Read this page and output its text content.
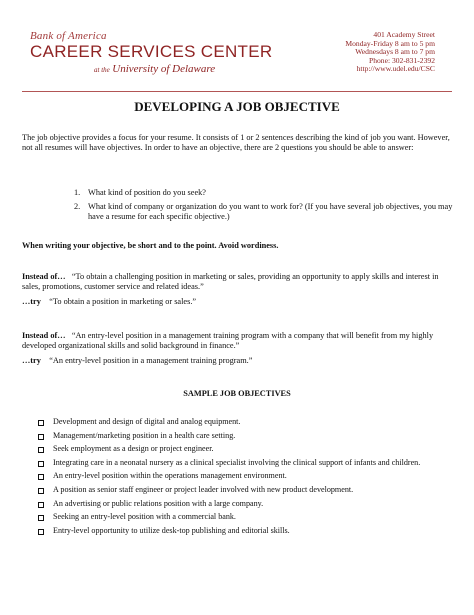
Bank of America
CAREER SERVICES CENTER
at the University of Delaware
401 Academy Street
Monday-Friday 8 am to 5 pm
Wednesdays 8 am to 7 pm
Phone: 302-831-2392
http://www.udel.edu/CSC
DEVELOPING A JOB OBJECTIVE
The job objective provides a focus for your resume. It consists of 1 or 2 sentences describing the kind of job you want. However, not all resumes will have objectives. In order to have an objective, there are 2 questions you should be able to answer:
1. What kind of position do you seek?
2. What kind of company or organization do you want to work for? (If you have several job objectives, you may have a resume for each specific objective.)
When writing your objective, be short and to the point. Avoid wordiness.
Instead of… “To obtain a challenging position in marketing or sales, providing an opportunity to apply skills and interest in sales, promotions, customer service and related ideas.”
…try “To obtain a position in marketing or sales.”
Instead of… “An entry-level position in a management training program with a company that will benefit from my highly developed organizational skills and solid background in finance.”
…try “An entry-level position in a management training program.”
SAMPLE JOB OBJECTIVES
Development and design of digital and analog equipment.
Management/marketing position in a health care setting.
Seek employment as a design or project engineer.
Integrating care in a neonatal nursery as a clinical specialist involving the clinical support of infants and children.
An entry-level position within the operations management environment.
A position as senior staff engineer or project leader involved with new product development.
An advertising or public relations position with a large company.
Seeking an entry-level position with a commercial bank.
Entry-level opportunity to utilize desk-top publishing and editorial skills.
